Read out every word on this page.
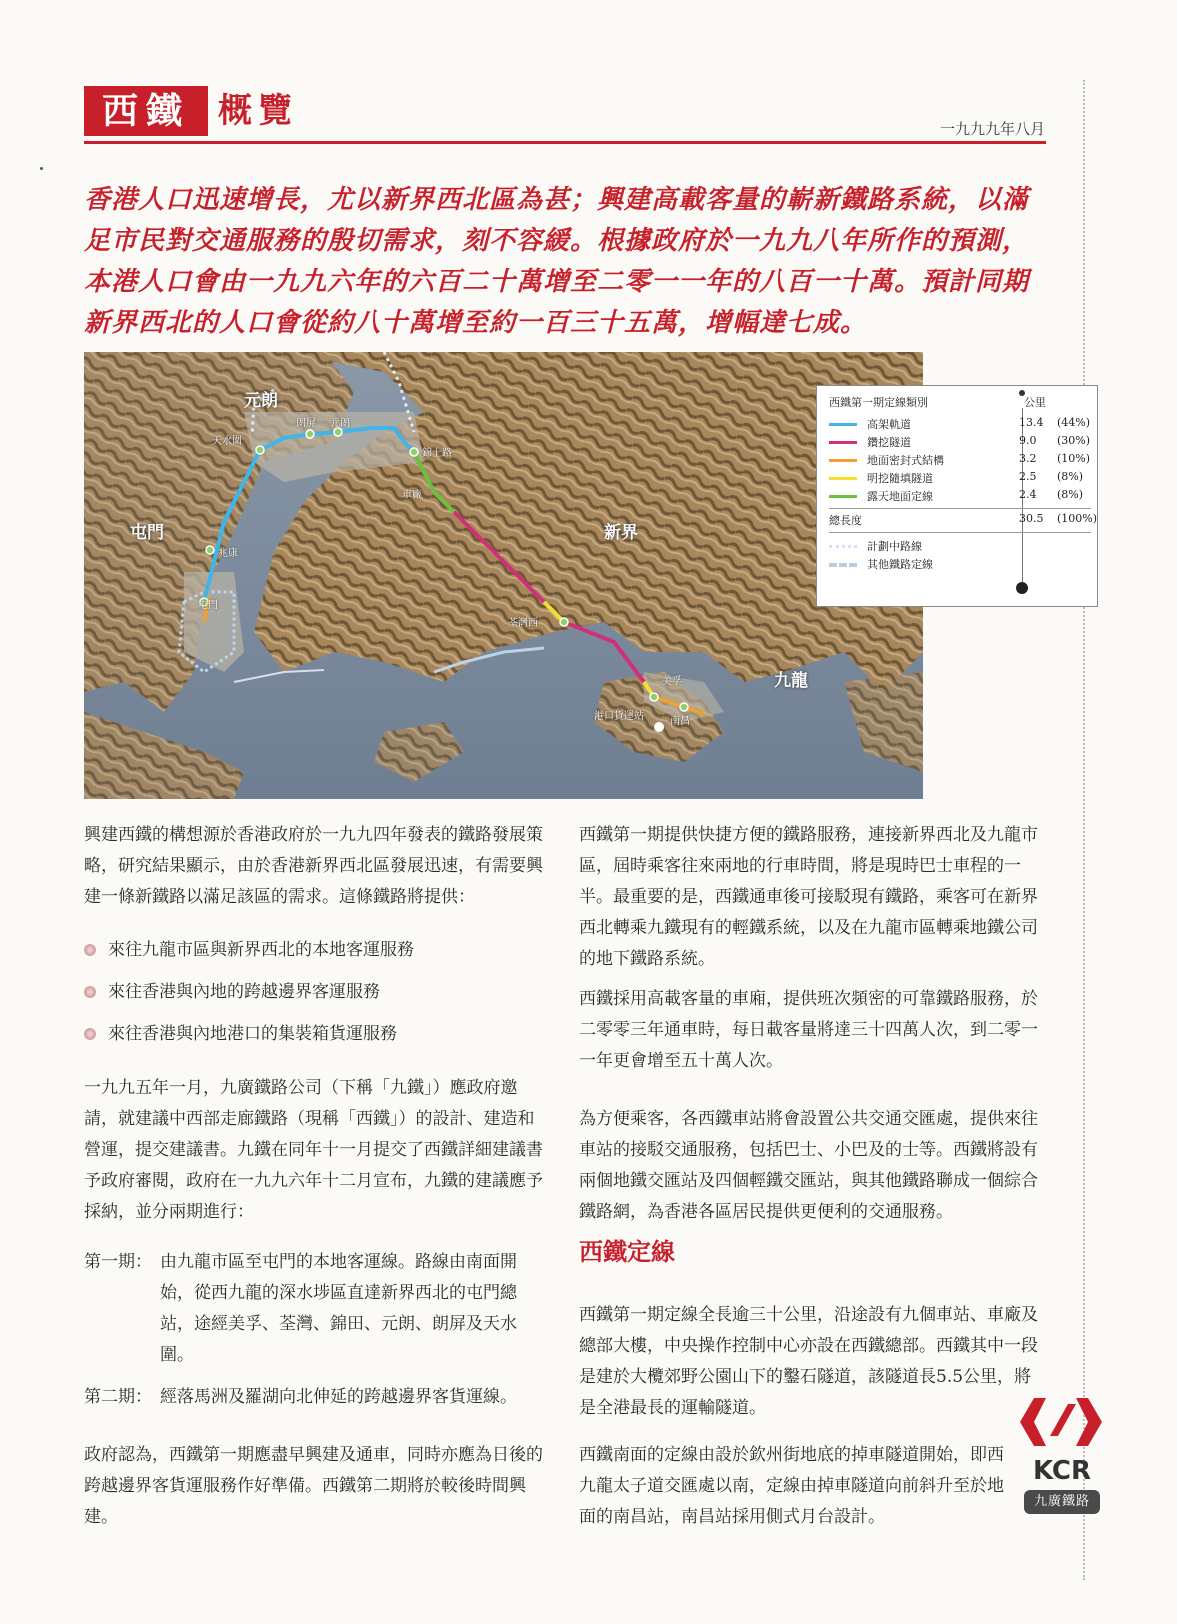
西鐵 概覽	一九九九年八月
香港人口迅速增長，尤以新界西北區為甚；興建高載客量的嶄新鐵路系統，以滿足市民對交通服務的殷切需求，刻不容緩。根據政府於一九九八年所作的預測，本港人口會由一九九六年的六百二十萬增至二零一一年的八百一十萬。預計同期新界西北的人口會從約八十萬增至約一百三十五萬，增幅達七成。
元朗
屯門	新界
九龍
天水圍
朗屏 元朗
錦上路
車廠
兆康
屯門
荃灣西
美孚
南昌
港口貨運站
西鐵第一期定線類別	公里
高架軌道	13.4 (44%)
鑽挖隧道	9.0 (30%)
地面密封式結構	3.2 (10%)
明挖隨填隧道	2.5 (8%)
露天地面定線	2.4 (8%)
總長度	30.5 (100%)
計劃中路線
其他鐵路定線
興建西鐵的構想源於香港政府於一九九四年發表的鐵路發展策略，研究結果顯示，由於香港新界西北區發展迅速，有需要興建一條新鐵路以滿足該區的需求。這條鐵路將提供：
來往九龍市區與新界西北的本地客運服務
來往香港與內地的跨越邊界客運服務
來往香港與內地港口的集裝箱貨運服務
一九九五年一月，九廣鐵路公司（下稱「九鐵」）應政府邀請，就建議中西部走廊鐵路（現稱「西鐵」）的設計、建造和營運，提交建議書。九鐵在同年十一月提交了西鐵詳細建議書予政府審閱，政府在一九九六年十二月宣布，九鐵的建議應予採納，並分兩期進行：
第一期： 由九龍市區至屯門的本地客運線。路線由南面開始，從西九龍的深水埗區直達新界西北的屯門總站，途經美孚、荃灣、錦田、元朗、朗屏及天水圍。
第二期： 經落馬洲及羅湖向北伸延的跨越邊界客貨運線。
政府認為，西鐵第一期應盡早興建及通車，同時亦應為日後的跨越邊界客貨運服務作好準備。西鐵第二期將於較後時間興建。
西鐵第一期提供快捷方便的鐵路服務，連接新界西北及九龍市區，屆時乘客往來兩地的行車時間，將是現時巴士車程的一半。最重要的是，西鐵通車後可接駁現有鐵路，乘客可在新界西北轉乘九鐵現有的輕鐵系統，以及在九龍市區轉乘地鐵公司的地下鐵路系統。
西鐵採用高載客量的車廂，提供班次頻密的可靠鐵路服務，於二零零三年通車時，每日載客量將達三十四萬人次，到二零一一年更會增至五十萬人次。
為方便乘客，各西鐵車站將會設置公共交通交匯處，提供來往車站的接駁交通服務，包括巴士、小巴及的士等。西鐵將設有兩個地鐵交匯站及四個輕鐵交匯站，與其他鐵路聯成一個綜合鐵路網，為香港各區居民提供更便利的交通服務。
西鐵定線
西鐵第一期定線全長逾三十公里，沿途設有九個車站、車廠及總部大樓，中央操作控制中心亦設在西鐵總部。西鐵其中一段是建於大欖郊野公園山下的鑿石隧道，該隧道長5.5公里，將是全港最長的運輸隧道。
西鐵南面的定線由設於欽州街地底的掉車隧道開始，即西九龍太子道交匯處以南，定線由掉車隧道向前斜升至於地面的南昌站，南昌站採用側式月台設計。
KCR
九廣鐵路
